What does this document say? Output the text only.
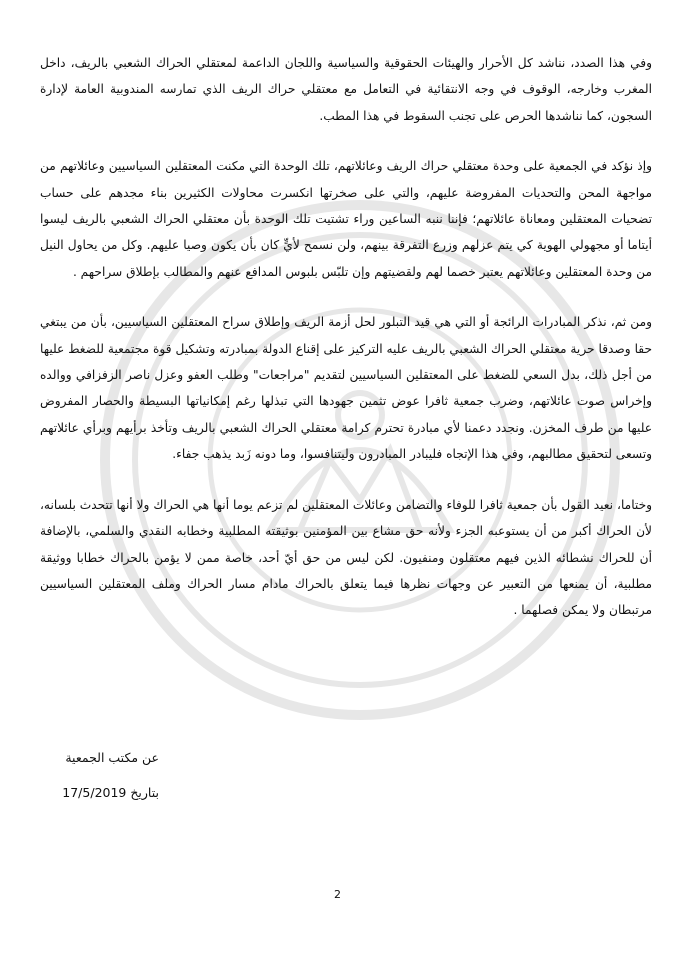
وفي هذا الصدد، نناشد كل الأحرار والهيئات الحقوقية والسياسية واللجان الداعمة لمعتقلي الحراك الشعبي بالريف، داخل المغرب وخارجه، الوقوف في وجه الانتقائية في التعامل مع معتقلي حراك الريف الذي تمارسه المندوبية العامة لإدارة السجون، كما نناشدها الحرص على تجنب السقوط في هذا المطب.

وإذ نؤكد في الجمعية على وحدة معتقلي حراك الريف وعائلاتهم، تلك الوحدة التي مكنت المعتقلين السياسيين وعائلاتهم من مواجهة المحن والتحديات المفروضة عليهم، والتي على صخرتها انكسرت محاولات الكثيرين بناء مجدهم على حساب تضحيات المعتقلين ومعاناة عائلاتهم؛ فإننا ننبه الساعين وراء تشتيت تلك الوحدة بأن معتقلي الحراك الشعبي بالريف ليسوا أيتاما أو مجهولي الهوية كي يتم عزلهم وزرع التفرقة بينهم، ولن نسمح لأيٍّ كان بأن يكون وصيا عليهم. وكل من يحاول النيل من وحدة المعتقلين وعائلاتهم يعتبر خصما لهم ولقضيتهم وإن تلبّس بلبوس المدافع عنهم والمطالب بإطلاق سراحهم .

ومن ثم، نذكر المبادرات الرائجة أو التي هي قيد التبلور لحل أزمة الريف وإطلاق سراح المعتقلين السياسيين، بأن من يبتغي حقا وصدقا حرية معتقلي الحراك الشعبي بالريف عليه التركيز على إقناع الدولة بمبادرته وتشكيل قوة مجتمعية للضغط عليها من أجل ذلك، بدل السعي للضغط على المعتقلين السياسيين لتقديم "مراجعات" وطلب العفو وعزل ناصر الزفزافي ووالده وإخراس صوت عائلاتهم، وضرب جمعية ثافرا عوض تثمين جهودها التي تبذلها رغم إمكانياتها البسيطة والحصار المفروض عليها من طرف المخزن. ونجدد دعمنا لأي مبادرة تحترم كرامة معتقلي الحراك الشعبي بالريف وتأخذ برأيهم وبرأي عائلاتهم وتسعى لتحقيق مطالبهم، وفي هذا الإتجاه فليبادر المبادرون وليتنافسوا، وما دونه زَبد يذهب جفاء.

وختاما، نعيد القول بأن جمعية ثافرا للوفاء والتضامن وعائلات المعتقلين لم تزعم يوما أنها هي الحراك ولا أنها تتحدث بلسانه، لأن الحراك أكبر من أن يستوعبه الجزء ولأنه حق مشاع بين المؤمنين بوثيقته المطلبية وخطابه النقدي والسلمي، بالإضافة أن للحراك نشطائه الذين فيهم معتقلون ومنفيون. لكن ليس من حق أيّ أحد، خاصة ممن لا يؤمن بالحراك خطابا ووثيقة مطلبية، أن يمنعها من التعبير عن وجهات نظرها فيما يتعلق بالحراك مادام مسار الحراك وملف المعتقلين السياسيين مرتبطان ولا يمكن فصلهما .

عن مكتب الجمعية
بتاريخ 17/5/2019
2
